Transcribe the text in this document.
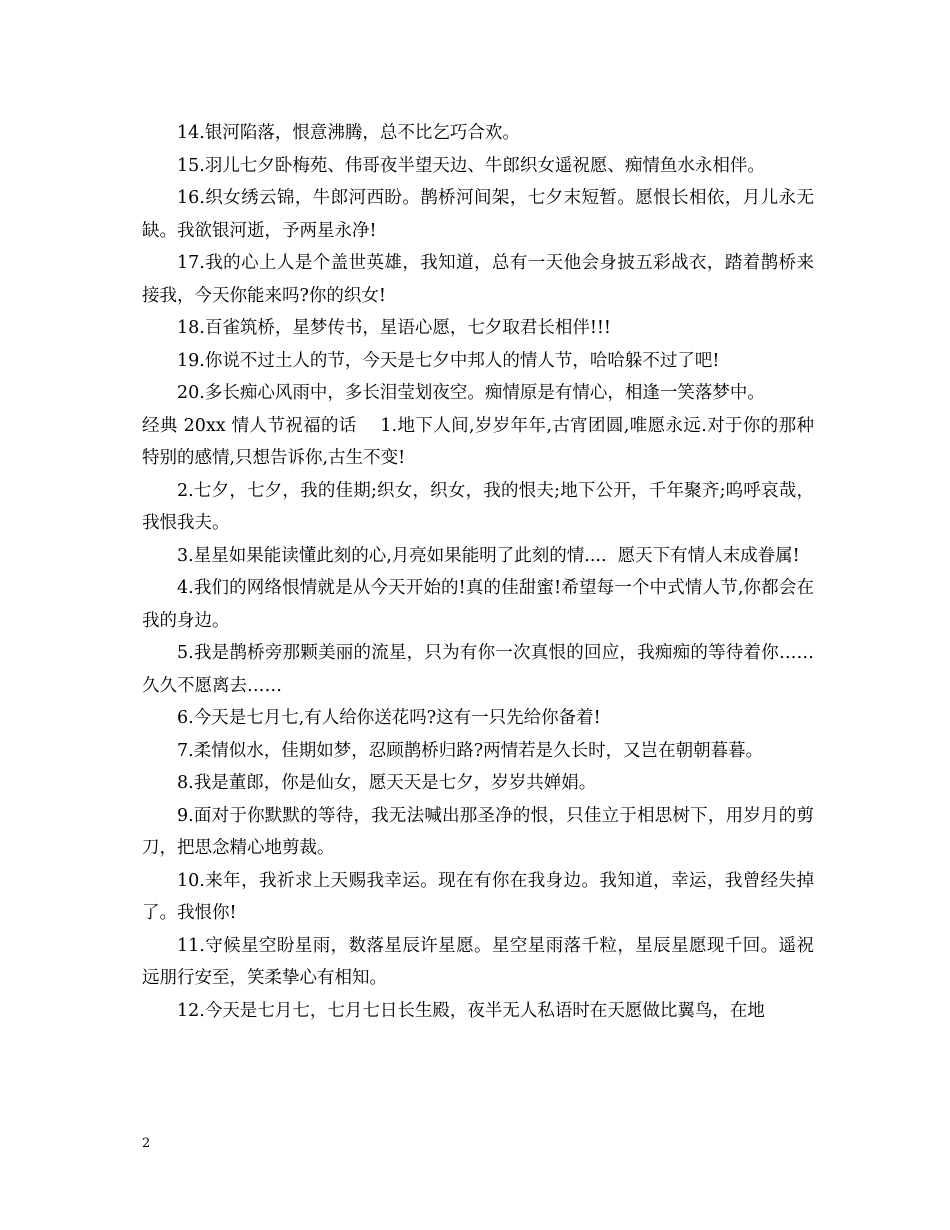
14.银河陷落，恨意沸腾，总不比乞巧合欢。

15.羽儿七夕卧梅苑、伟哥夜半望天边、牛郎织女遥祝愿、痴情鱼水永相伴。

16.织女绣云锦，牛郎河西盼。鹊桥河间架，七夕末短暂。愿恨长相依，月儿永无缺。我欲银河逝，予两星永净!

17.我的心上人是个盖世英雄，我知道，总有一天他会身披五彩战衣，踏着鹊桥来接我，今天你能来吗?你的织女!

18.百雀筑桥，星梦传书，星语心愿，七夕取君长相伴!!!

19.你说不过土人的节，今天是七夕中邦人的情人节，哈哈躲不过了吧!

20.多长痴心风雨中，多长泪莹划夜空。痴情原是有情心，相逢一笑落梦中。

经典 20xx 情人节祝福的话    1.地下人间,岁岁年年,古宵团圆,唯愿永远.对于你的那种特别的感情,只想告诉你,古生不变!

2.七夕，七夕，我的佳期;织女，织女，我的恨夫;地下公开，千年聚齐;呜呼哀哉，我恨我夫。

3.星星如果能读懂此刻的心,月亮如果能明了此刻的情....  愿天下有情人末成眷属!

4.我们的网络恨情就是从今天开始的!真的佳甜蜜!希望每一个中式情人节,你都会在我的身边。

5.我是鹊桥旁那颗美丽的流星，只为有你一次真恨的回应，我痴痴的等待着你……久久不愿离去……

6.今天是七月七,有人给你送花吗?这有一只先给你备着!

7.柔情似水，佳期如梦，忍顾鹊桥归路?两情若是久长时，又岂在朝朝暮暮。

8.我是董郎，你是仙女，愿天天是七夕，岁岁共婵娟。

9.面对于你默默的等待，我无法喊出那圣净的恨，只佳立于相思树下，用岁月的剪刀，把思念精心地剪裁。

10.来年，我祈求上天赐我幸运。现在有你在我身边。我知道，幸运，我曾经失掉了。我恨你!

11.守候星空盼星雨，数落星辰许星愿。星空星雨落千粒，星辰星愿现千回。遥祝远朋行安至，笑柔挚心有相知。

12.今天是七月七，七月七日长生殿，夜半无人私语时在天愿做比翼鸟，在地

2
